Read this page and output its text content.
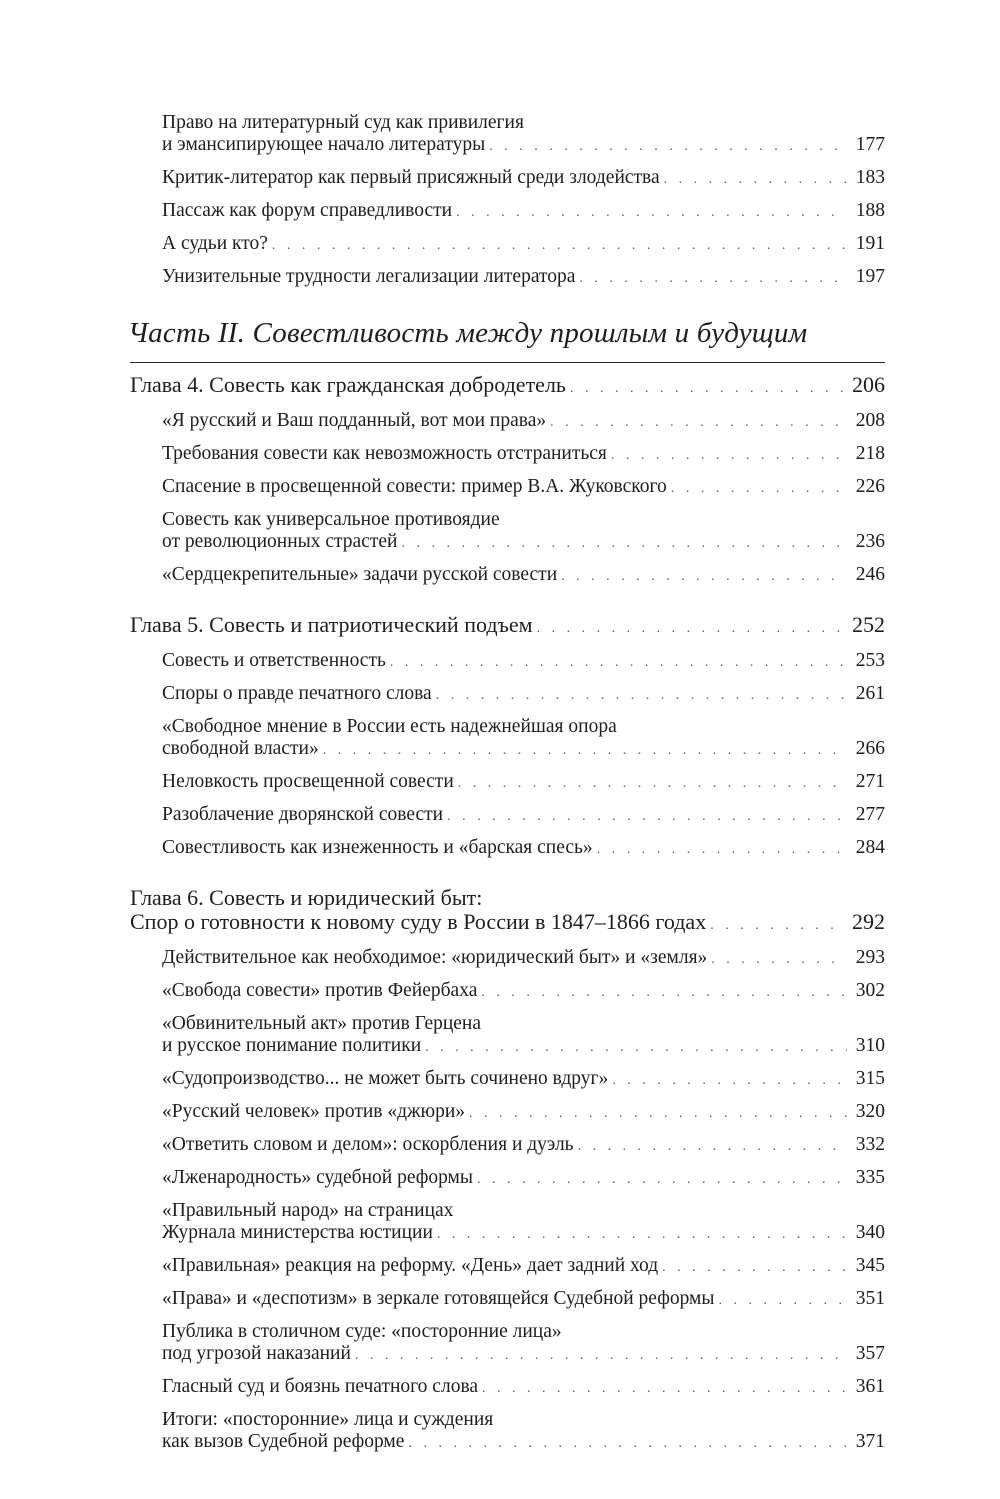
Право на литературный суд как привилегия
и эмансипирующее начало литературы . . .	177
Критик-литератор как первый присяжный среди злодейства . . .	183
Пассаж как форум справедливости . . .	188
А судьи кто? . . .	191
Унизительные трудности легализации литератора . . .	197
Часть II. Совестливость между прошлым и будущим
Глава 4. Совесть как гражданская добродетель . . .	206
«Я русский и Ваш подданный, вот мои права» . . .	208
Требования совести как невозможность отстраниться . . .	218
Спасение в просвещенной совести: пример В.А. Жуковского . . .	226
Совесть как универсальное противоядие
от революционных страстей . . .	236
«Сердцекрепительные» задачи русской совести . . .	246
Глава 5. Совесть и патриотический подъем . . .	252
Совесть и ответственность . . .	253
Споры о правде печатного слова . . .	261
«Свободное мнение в России есть надежнейшая опора
свободной власти» . . .	266
Неловкость просвещенной совести . . .	271
Разоблачение дворянской совести . . .	277
Совестливость как изнеженность и «барская спесь» . . .	284
Глава 6. Совесть и юридический быт:
Спор о готовности к новому суду в России в 1847–1866 годах . . .	292
Действительное как необходимое: «юридический быт» и «земля» . . .	293
«Свобода совести» против Фейербаха . . .	302
«Обвинительный акт» против Герцена
и русское понимание политики . . .	310
«Судопроизводство... не может быть сочинено вдруг» . . .	315
«Русский человек» против «джюри» . . .	320
«Ответить словом и делом»: оскорбления и дуэль . . .	332
«Лженародность» судебной реформы . . .	335
«Правильный народ» на страницах
Журнала министерства юстиции . . .	340
«Правильная» реакция на реформу. «День» дает задний ход . . .	345
«Права» и «деспотизм» в зеркале готовящейся Судебной реформы . . .	351
Публика в столичном суде: «посторонние лица»
под угрозой наказаний . . .	357
Гласный суд и боязнь печатного слова . . .	361
Итоги: «посторонние» лица и суждения
как вызов Судебной реформе . . .	371
